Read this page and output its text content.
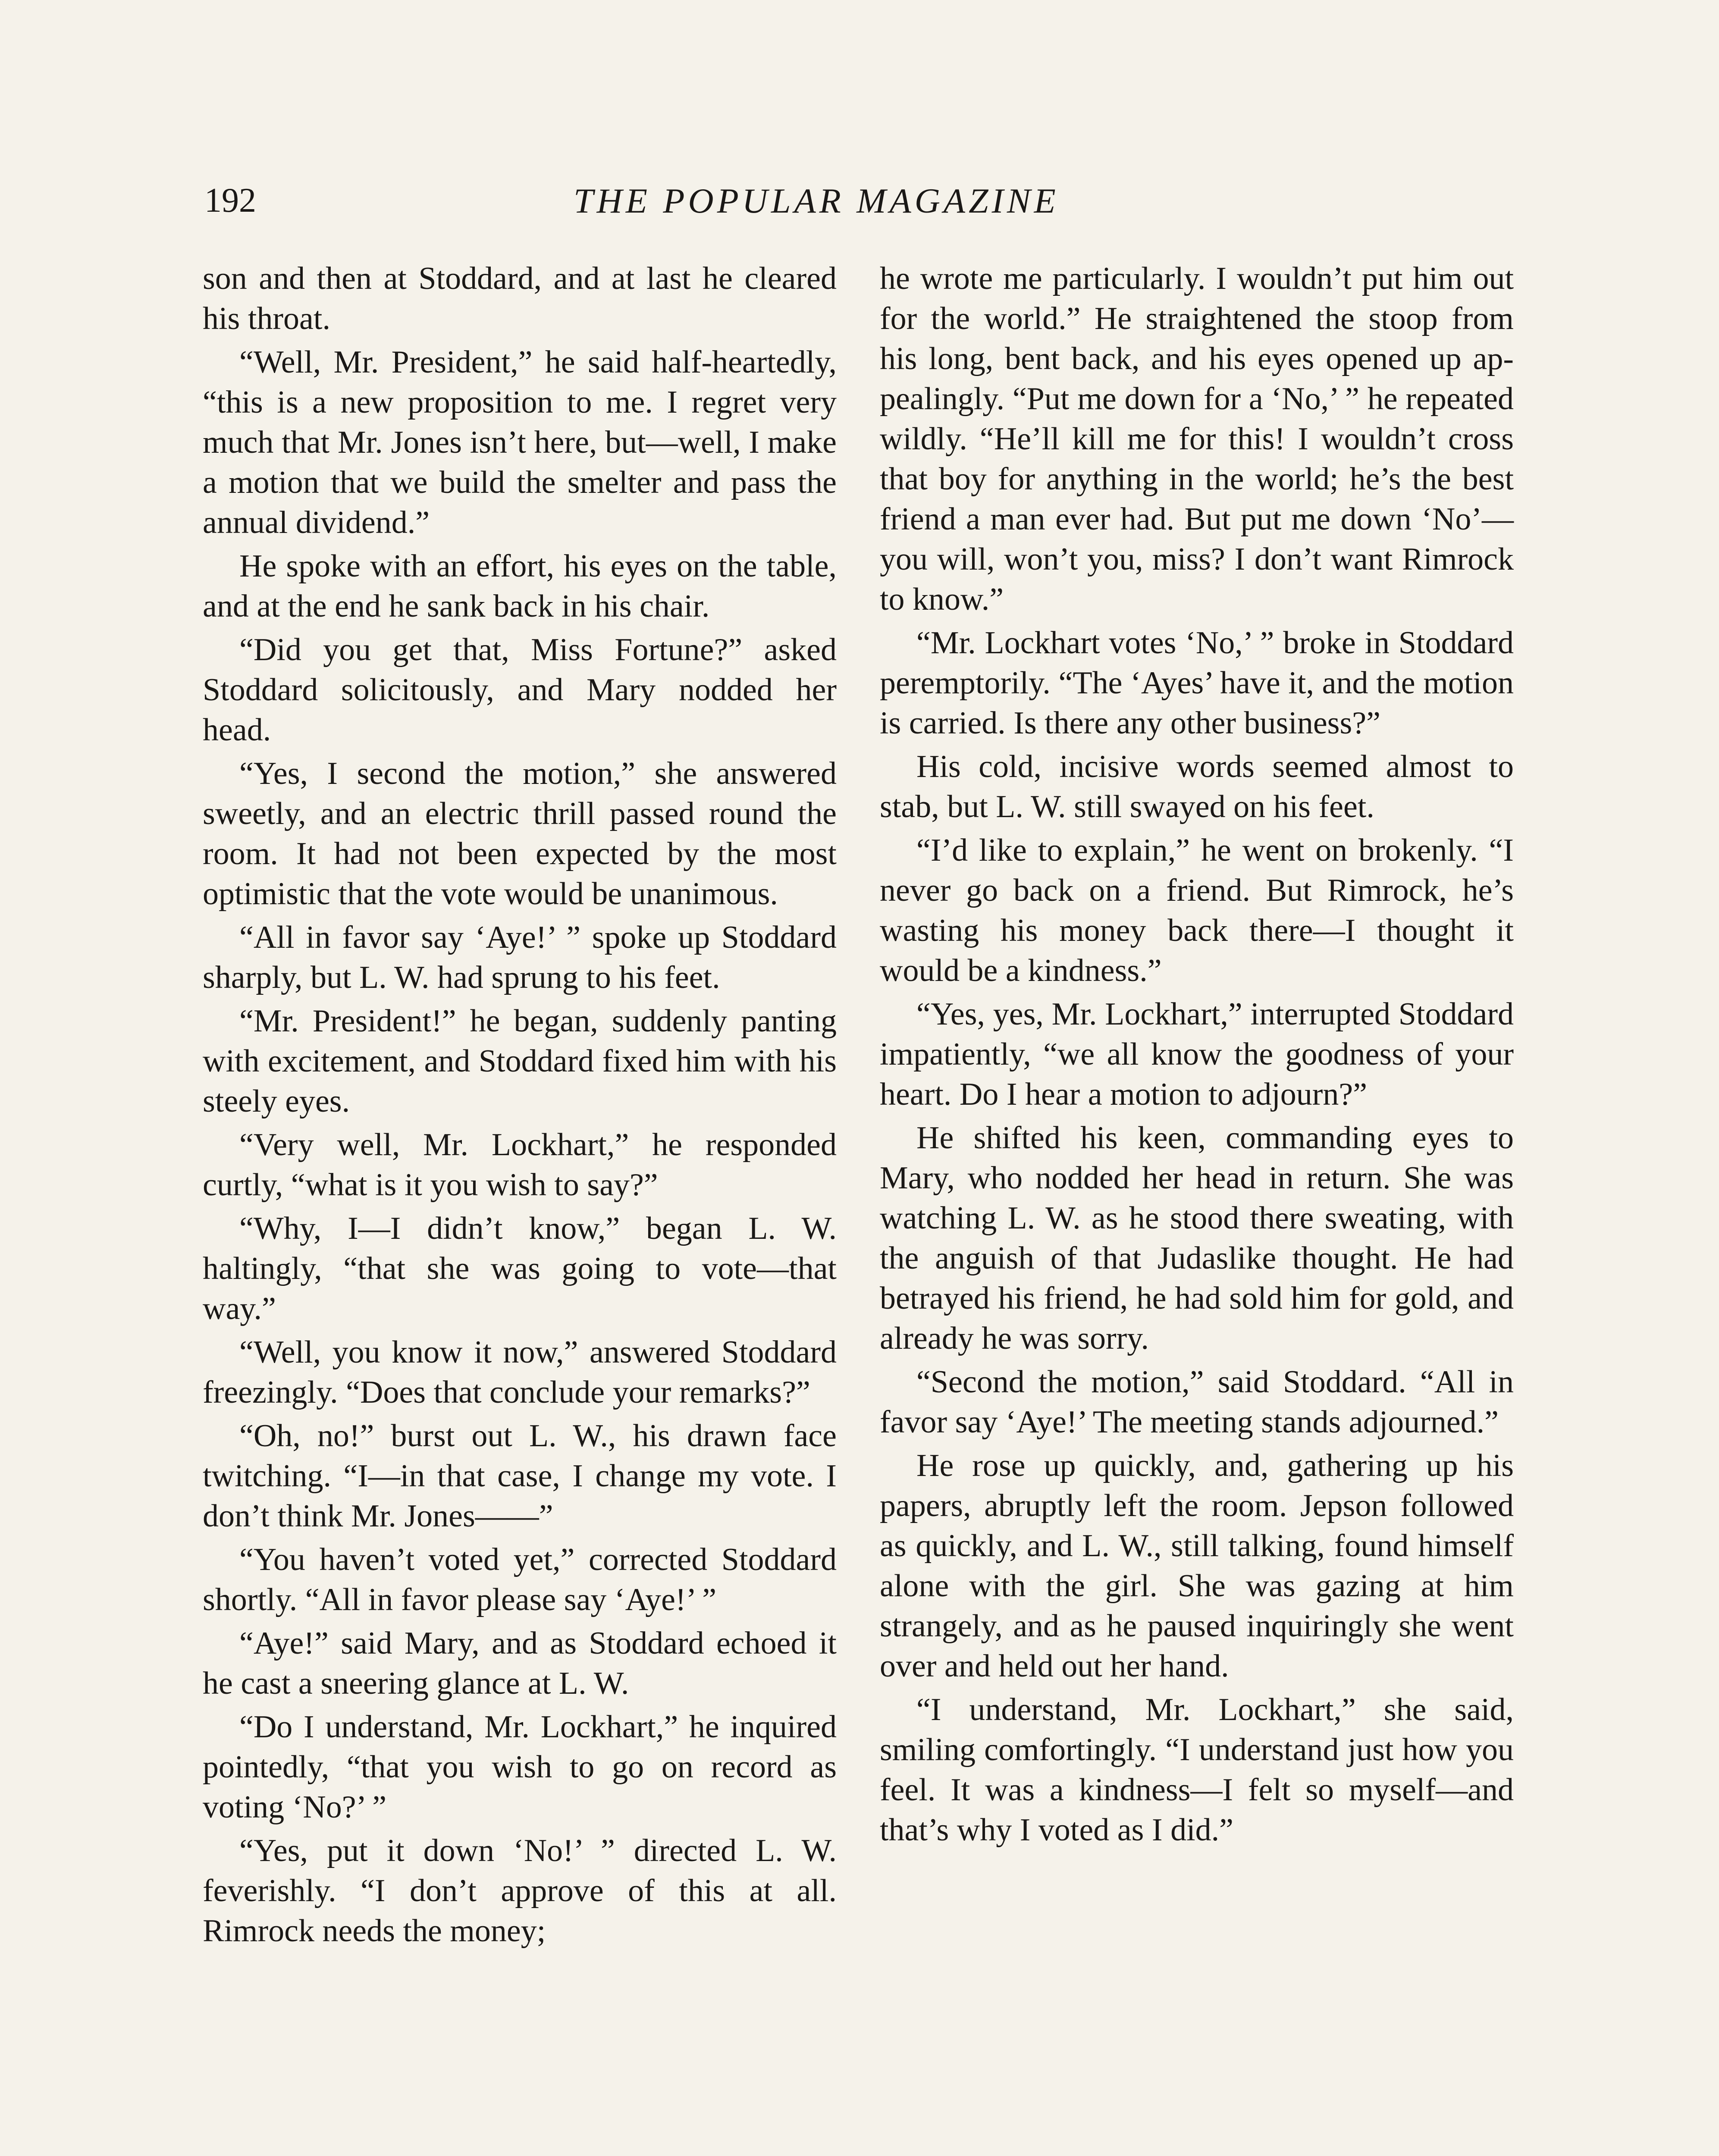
192	THE POPULAR MAGAZINE

son and then at Stoddard, and at last he cleared his throat.

“Well, Mr. President,” he said half-heartedly, “this is a new proposition to me. I regret very much that Mr. Jones isn’t here, but—well, I make a motion that we build the smelter and pass the annual dividend.”

He spoke with an effort, his eyes on the table, and at the end he sank back in his chair.

“Did you get that, Miss Fortune?” asked Stoddard solicitously, and Mary nodded her head.

“Yes, I second the motion,” she answered sweetly, and an electric thrill passed round the room. It had not been expected by the most optimistic that the vote would be unanimous.

“All in favor say ‘Aye!’ ” spoke up Stoddard sharply, but L. W. had sprung to his feet.

“Mr. President!” he began, suddenly panting with excitement, and Stoddard fixed him with his steely eyes.

“Very well, Mr. Lockhart,” he responded curtly, “what is it you wish to say?”

“Why, I—I didn’t know,” began L. W. haltingly, “that she was going to vote—that way.”

“Well, you know it now,” answered Stoddard freezingly. “Does that conclude your remarks?”

“Oh, no!” burst out L. W., his drawn face twitching. “I—in that case, I change my vote. I don’t think Mr. Jones——”

“You haven’t voted yet,” corrected Stoddard shortly. “All in favor please say ‘Aye!’ ”

“Aye!” said Mary, and as Stoddard echoed it he cast a sneering glance at L. W.

“Do I understand, Mr. Lockhart,” he inquired pointedly, “that you wish to go on record as voting ‘No?’ ”

“Yes, put it down ‘No!’ ” directed L. W. feverishly. “I don’t approve of this at all. Rimrock needs the money;

he wrote me particularly. I wouldn’t put him out for the world.” He straightened the stoop from his long, bent back, and his eyes opened up appealingly. “Put me down for a ‘No,’ ” he repeated wildly. “He’ll kill me for this! I wouldn’t cross that boy for anything in the world; he’s the best friend a man ever had. But put me down ‘No’—you will, won’t you, miss? I don’t want Rimrock to know.”

“Mr. Lockhart votes ‘No,’ ” broke in Stoddard peremptorily. “The ‘Ayes’ have it, and the motion is carried. Is there any other business?”

His cold, incisive words seemed almost to stab, but L. W. still swayed on his feet.

“I’d like to explain,” he went on brokenly. “I never go back on a friend. But Rimrock, he’s wasting his money back there—I thought it would be a kindness.”

“Yes, yes, Mr. Lockhart,” interrupted Stoddard impatiently, “we all know the goodness of your heart. Do I hear a motion to adjourn?”

He shifted his keen, commanding eyes to Mary, who nodded her head in return. She was watching L. W. as he stood there sweating, with the anguish of that Judaslike thought. He had betrayed his friend, he had sold him for gold, and already he was sorry.

“Second the motion,” said Stoddard. “All in favor say ‘Aye!’ The meeting stands adjourned.”

He rose up quickly, and, gathering up his papers, abruptly left the room. Jepson followed as quickly, and L. W., still talking, found himself alone with the girl. She was gazing at him strangely, and as he paused inquiringly she went over and held out her hand.

“I understand, Mr. Lockhart,” she said, smiling comfortingly. “I understand just how you feel. It was a kindness—I felt so myself—and that’s why I voted as I did.”
